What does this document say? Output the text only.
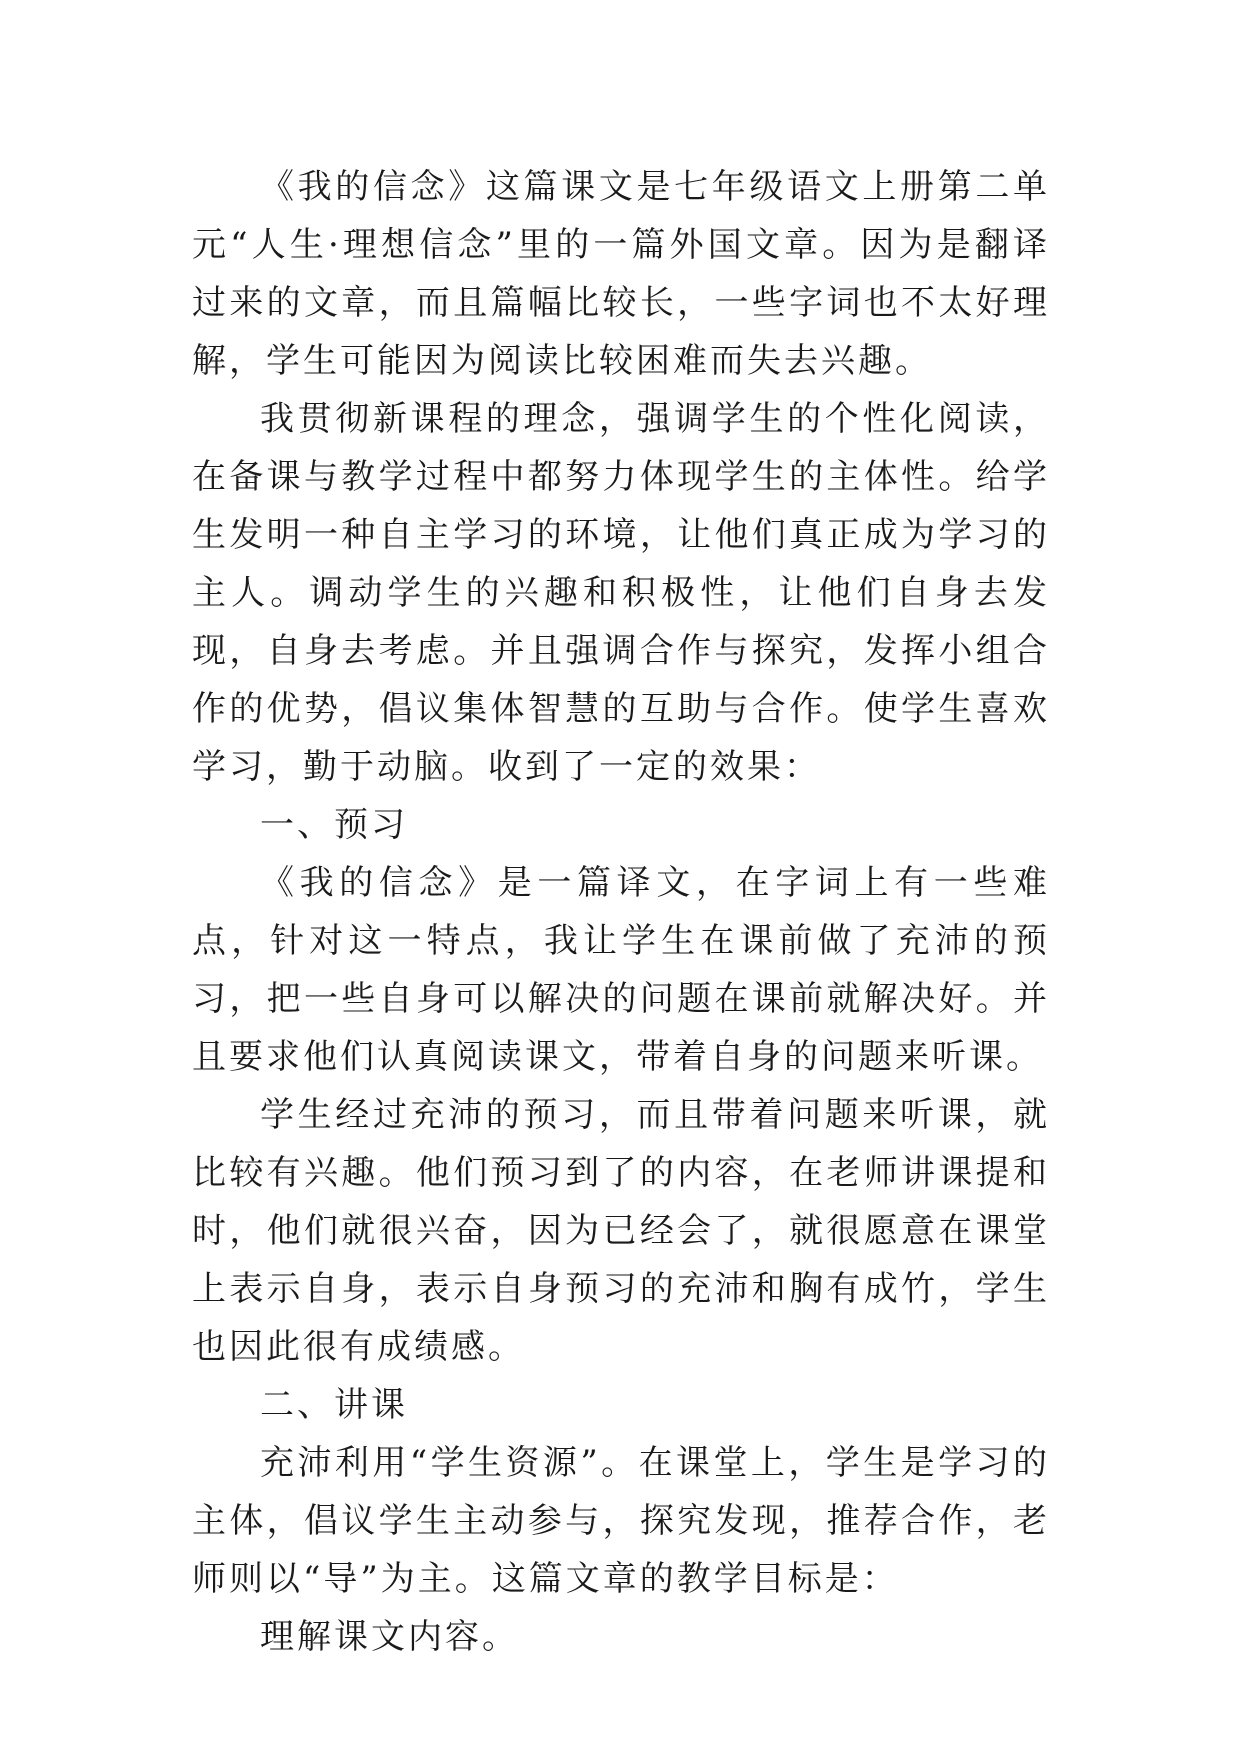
《我的信念》这篇课文是七年级语文上册第二单元“人生·理想信念”里的一篇外国文章。因为是翻译过来的文章，而且篇幅比较长，一些字词也不太好理解，学生可能因为阅读比较困难而失去兴趣。

我贯彻新课程的理念，强调学生的个性化阅读，在备课与教学过程中都努力体现学生的主体性。给学生发明一种自主学习的环境，让他们真正成为学习的主人。调动学生的兴趣和积极性，让他们自身去发现，自身去考虑。并且强调合作与探究，发挥小组合作的优势，倡议集体智慧的互助与合作。使学生喜欢学习，勤于动脑。收到了一定的效果：

一、预习

《我的信念》是一篇译文，在字词上有一些难点，针对这一特点，我让学生在课前做了充沛的预习，把一些自身可以解决的问题在课前就解决好。并且要求他们认真阅读课文，带着自身的问题来听课。

学生经过充沛的预习，而且带着问题来听课，就比较有兴趣。他们预习到了的内容，在老师讲课提和时，他们就很兴奋，因为已经会了，就很愿意在课堂上表示自身，表示自身预习的充沛和胸有成竹，学生也因此很有成绩感。

二、讲课

充沛利用“学生资源”。在课堂上，学生是学习的主体，倡议学生主动参与，探究发现，推荐合作，老师则以“导”为主。这篇文章的教学目标是：

理解课文内容。
